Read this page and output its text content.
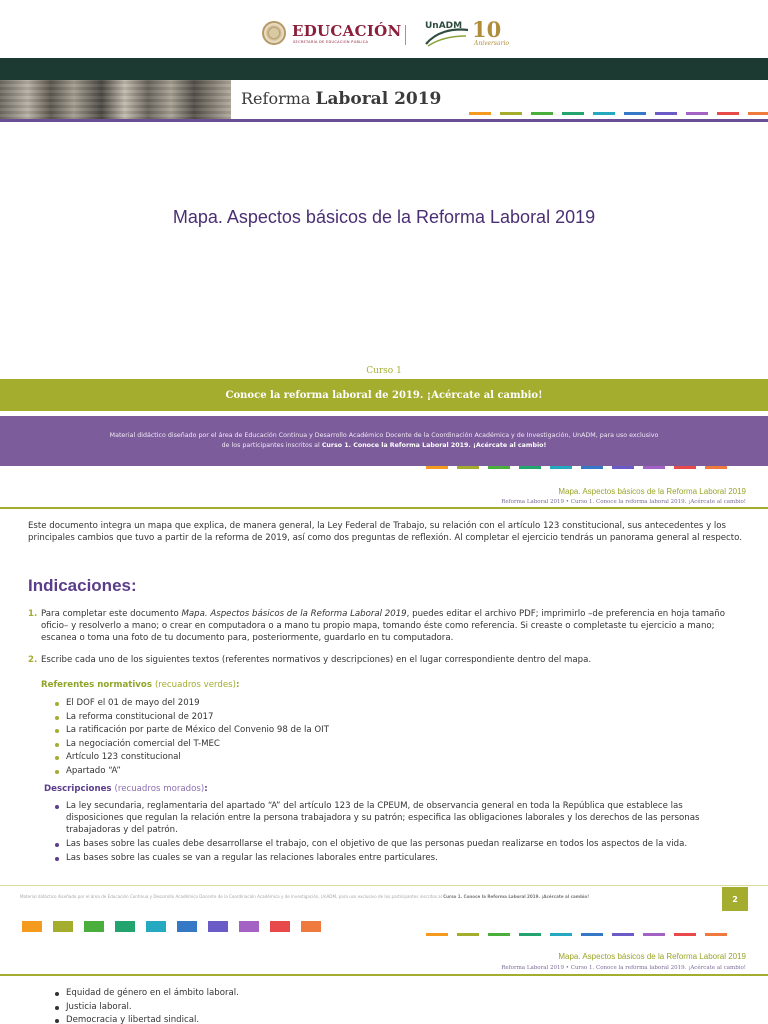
EDUCACIÓN
SECRETARÍA DE EDUCACIÓN PÚBLICA
UnADM 10
Aniversario
Reforma Laboral 2019
Mapa. Aspectos básicos de la Reforma Laboral 2019
Curso 1
Conoce la reforma laboral de 2019. ¡Acércate al cambio!

Material didáctico diseñado por el área de Educación Continua y Desarrollo Académico Docente de la Coordinación Académica y de Investigación, UnADM, para uso exclusivo

de los participantes inscritos al Curso 1. Conoce la Reforma Laboral 2019. ¡Acércate al cambio!

Mapa. Aspectos básicos de la Reforma Laboral 2019
Reforma Laboral 2019 • Curso 1. Conoce la reforma laboral 2019. ¡Acércate al cambio!

Este documento integra un mapa que explica, de manera general, la Ley Federal de Trabajo, su relación con el artículo 123 constitucional, sus antecedentes y los principales cambios que tuvo a partir de la reforma de 2019, así como dos preguntas de reflexión. Al completar el ejercicio tendrás un panorama general al respecto.

Indicaciones:
1. Para completar este documento Mapa. Aspectos básicos de la Reforma Laboral 2019, puedes editar el archivo PDF; imprimirlo –de preferencia en hoja tamaño oficio– y resolverlo a mano; o crear en computadora o a mano tu propio mapa, tomando éste como referencia. Si creaste o completaste tu ejercicio a mano; escanea o toma una foto de tu documento para, posteriormente, guardarlo en tu computadora.

2. Escribe cada uno de los siguientes textos (referentes normativos y descripciones) en el lugar correspondiente dentro del mapa.

Referentes normativos (recuadros verdes):
El DOF el 01 de mayo del 2019
La reforma constitucional de 2017
La ratificación por parte de México del Convenio 98 de la OIT
La negociación comercial del T-MEC
Artículo 123 constitucional
Apartado “A”
Descripciones (recuadros morados):
La ley secundaria, reglamentaria del apartado “A” del artículo 123 de la CPEUM, de observancia general en toda la República que establece las disposiciones que regulan la relación entre la persona trabajadora y su patrón; especifica las obligaciones laborales y los derechos de las personas trabajadoras y del patrón.
Las bases sobre las cuales debe desarrollarse el trabajo, con el objetivo de que las personas puedan realizarse en todos los aspectos de la vida.
Las bases sobre las cuales se van a regular las relaciones laborales entre particulares.
Material didáctico diseñado por el área de Educación Continua y Desarrollo Académico Docente de la Coordinación Académica y de Investigación, UnADM, para uso exclusivo de los participantes inscritos al Curso 1. Conoce la Reforma Laboral 2019. ¡Acércate al cambio!	2
Mapa. Aspectos básicos de la Reforma Laboral 2019
Reforma Laboral 2019 • Curso 1. Conoce la reforma laboral 2019. ¡Acércate al cambio!
Equidad de género en el ámbito laboral.
Justicia laboral.
Democracia y libertad sindical.
